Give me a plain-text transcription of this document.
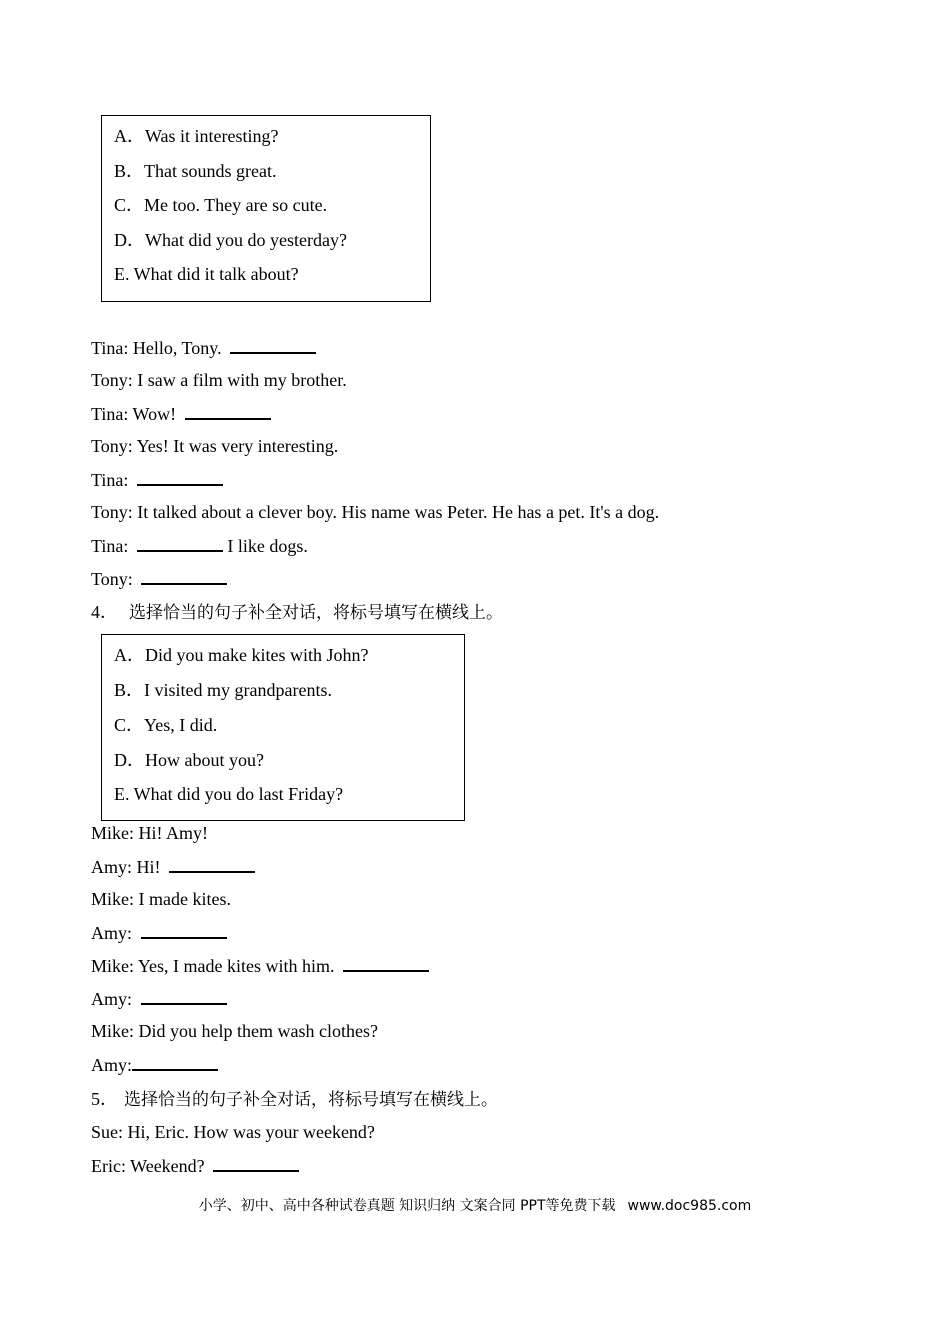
A．Was it interesting?
B．That sounds great.
C．Me too. They are so cute.
D．What did you do yesterday?
E. What did it talk about?
Tina: Hello, Tony.
Tony: I saw a film with my brother.
Tina: Wow!
Tony: Yes! It was very interesting.
Tina:
Tony: It talked about a clever boy. His name was Peter. He has a pet. It's a dog.
Tina:	I like dogs.
Tony:
4． 选择恰当的句子补全对话，将标号填写在横线上。
A．Did you make kites with John?
B．I visited my grandparents.
C．Yes, I did.
D．How about you?
E. What did you do last Friday?
Mike: Hi! Amy!
Amy: Hi!
Mike: I made kites.
Amy:
Mike: Yes, I made kites with him.
Amy:
Mike: Did you help them wash clothes?
Amy:
5． 选择恰当的句子补全对话，将标号填写在横线上。
Sue: Hi, Eric. How was your weekend?
Eric: Weekend?
小学、初中、高中各种试卷真题 知识归纳 文案合同 PPT等免费下载 www.doc985.com
